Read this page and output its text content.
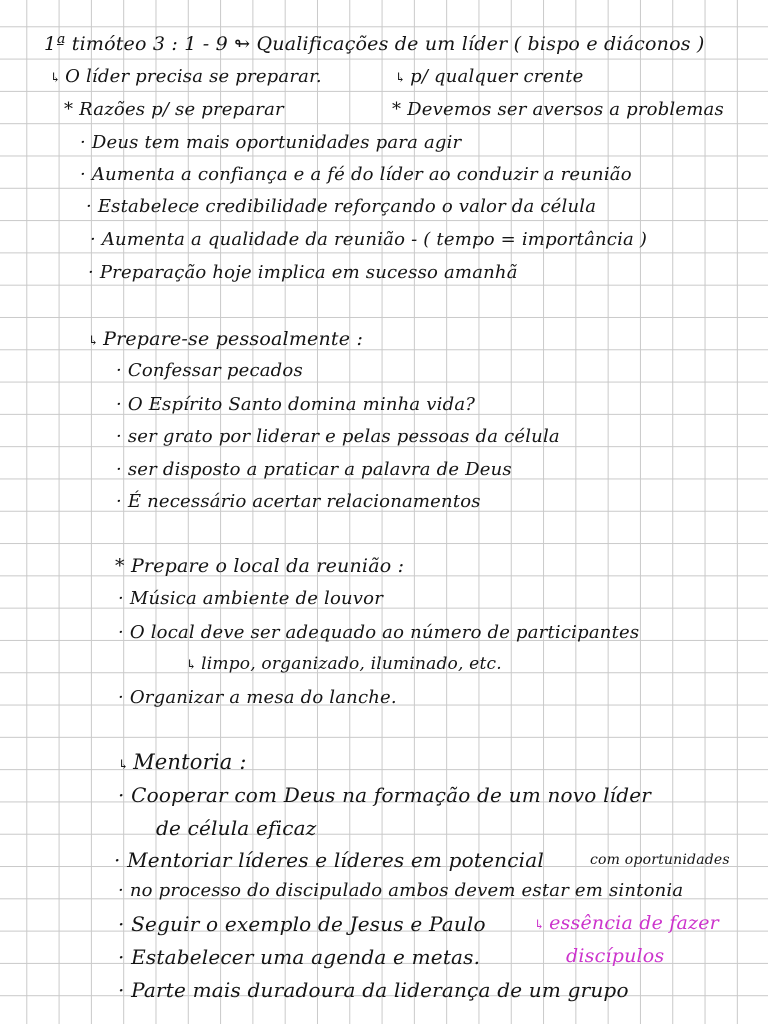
1ª timóteo 3 : 1 - 9 ↬ Qualificações de um líder ( bispo e diáconos )
↳ O líder precisa se preparar.	↳ p/ qualquer crente
* Razões p/ se preparar	* Devemos ser aversos a problemas
· Deus tem mais oportunidades para agir
· Aumenta a confiança e a fé do líder ao conduzir a reunião
· Estabelece credibilidade reforçando o valor da célula
· Aumenta a qualidade da reunião - ( tempo = importância )
· Preparação hoje implica em sucesso amanhã
↳ Prepare-se pessoalmente :
· Confessar pecados
· O Espírito Santo domina minha vida?
· ser grato por liderar e pelas pessoas da célula
· ser disposto a praticar a palavra de Deus
· É necessário acertar relacionamentos
* Prepare o local da reunião :
· Música ambiente de louvor
· O local deve ser adequado ao número de participantes
↳ limpo, organizado, iluminado, etc.
· Organizar a mesa do lanche.
↳ Mentoria :
· Cooperar com Deus na formação de um novo líder
de célula eficaz
· Mentoriar líderes e líderes em potencial	com oportunidades
· no processo do discipulado ambos devem estar em sintonia
· Seguir o exemplo de Jesus e Paulo	↳ essência de fazer
· Estabelecer uma agenda e metas.	discípulos
· Parte mais duradoura da liderança de um grupo
